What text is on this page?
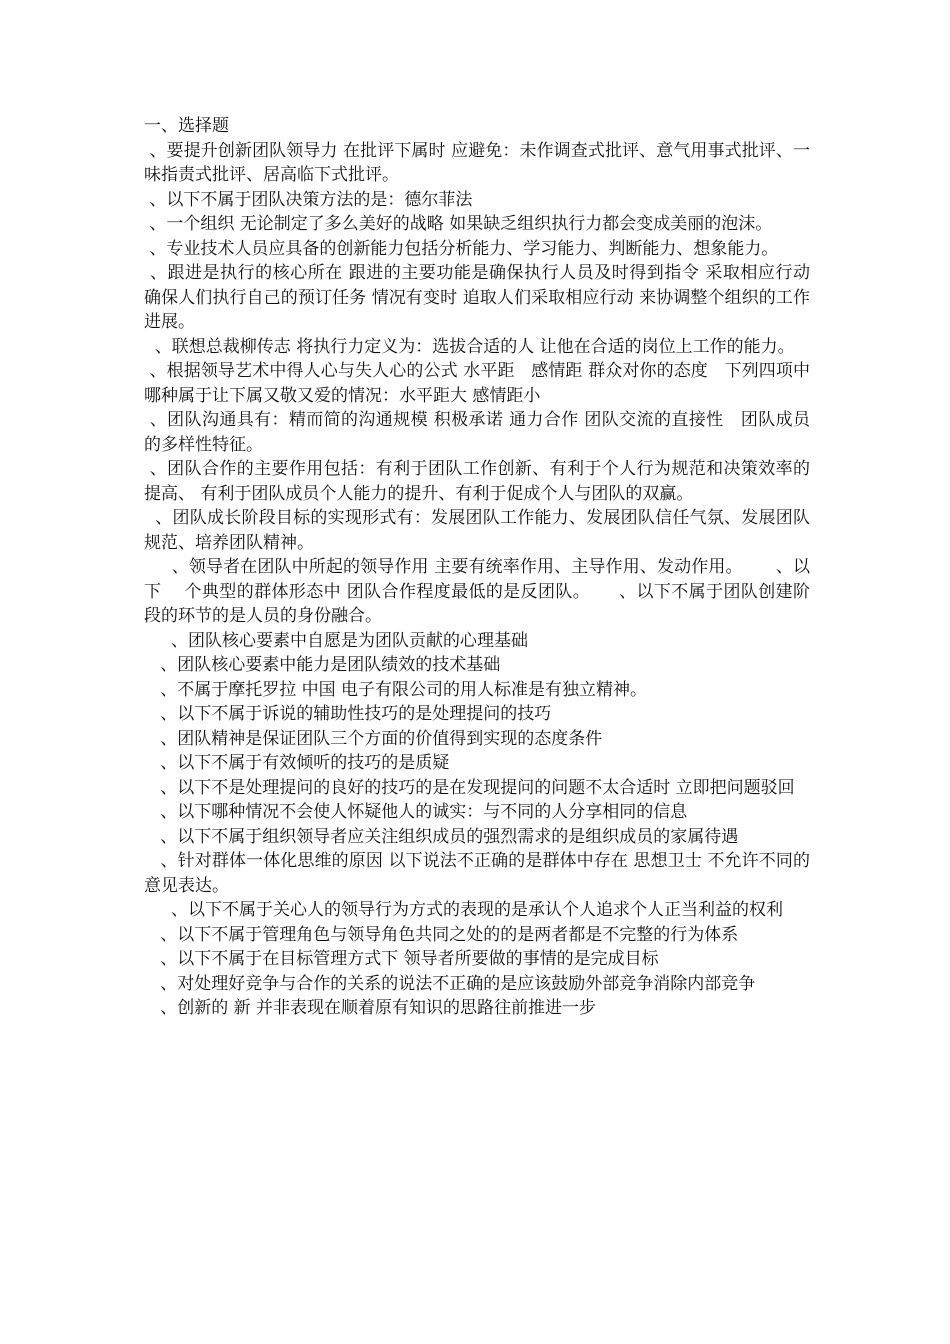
一、选择题
、要提升创新团队领导力 在批评下属时 应避免：未作调查式批评、意气用事式批评、一味指责式批评、居高临下式批评。
、以下不属于团队决策方法的是：德尔菲法
、一个组织 无论制定了多么美好的战略 如果缺乏组织执行力都会变成美丽的泡沫。
、专业技术人员应具备的创新能力包括分析能力、学习能力、判断能力、想象能力。
、跟进是执行的核心所在 跟进的主要功能是确保执行人员及时得到指令 采取相应行动 确保人们执行自己的预订任务 情况有变时 追取人们采取相应行动 来协调整个组织的工作进展。
、联想总裁柳传志 将执行力定义为：选拔合适的人 让他在合适的岗位上工作的能力。
、根据领导艺术中得人心与失人心的公式 水平距   感情距 群众对你的态度   下列四项中 哪种属于让下属又敬又爱的情况：水平距大 感情距小
、团队沟通具有：精而简的沟通规模 积极承诺 通力合作 团队交流的直接性   团队成员的多样性特征。
、团队合作的主要作用包括：有利于团队工作创新、有利于个人行为规范和决策效率的提高、 有利于团队成员个人能力的提升、有利于促成个人与团队的双赢。
、团队成长阶段目标的实现形式有：发展团队工作能力、发展团队信任气氛、发展团队规范、培养团队精神。
、领导者在团队中所起的领导作用 主要有统率作用、主导作用、发动作用。      、以下    个典型的群体形态中 团队合作程度最低的是反团队。     、以下不属于团队创建阶段的环节的是人员的身份融合。
、团队核心要素中自愿是为团队贡献的心理基础
、团队核心要素中能力是团队绩效的技术基础
、不属于摩托罗拉 中国 电子有限公司的用人标准是有独立精神。
、以下不属于诉说的辅助性技巧的是处理提问的技巧
、团队精神是保证团队三个方面的价值得到实现的态度条件
、以下不属于有效倾听的技巧的是质疑
、以下不是处理提问的良好的技巧的是在发现提问的问题不太合适时 立即把问题驳回
、以下哪种情况不会使人怀疑他人的诚实：与不同的人分享相同的信息
、以下不属于组织领导者应关注组织成员的强烈需求的是组织成员的家属待遇
、针对群体一体化思维的原因 以下说法不正确的是群体中存在 思想卫士 不允许不同的意见表达。
、以下不属于关心人的领导行为方式的表现的是承认个人追求个人正当利益的权利
、以下不属于管理角色与领导角色共同之处的的是两者都是不完整的行为体系
、以下不属于在目标管理方式下 领导者所要做的事情的是完成目标
、对处理好竞争与合作的关系的说法不正确的是应该鼓励外部竞争消除内部竞争
、创新的 新 并非表现在顺着原有知识的思路往前推进一步
